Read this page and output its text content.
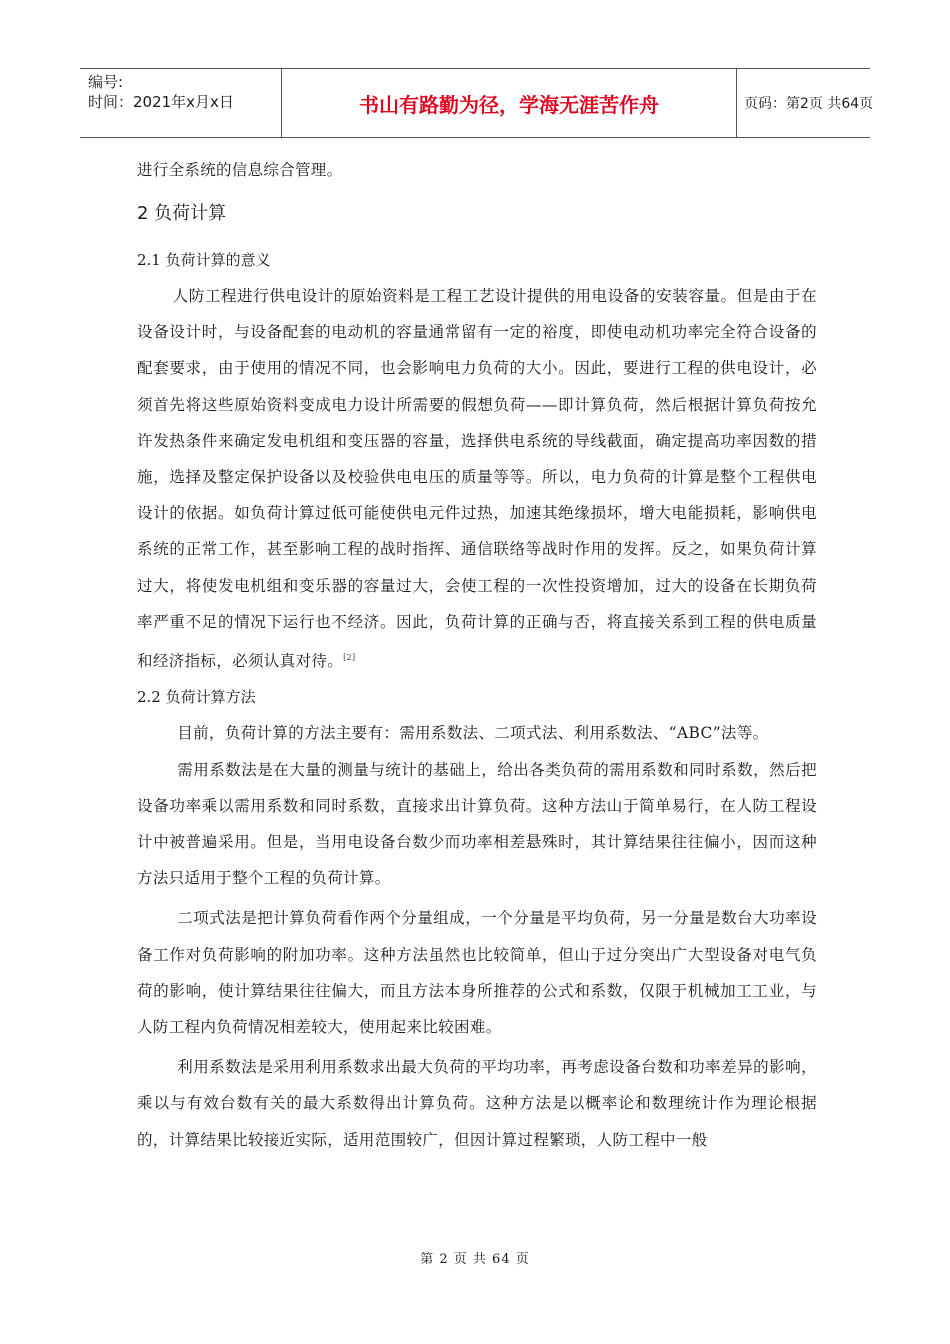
编号:
时间：2021年x月x日	书山有路勤为径，学海无涯苦作舟	页码：第2页 共64页
进行全系统的信息综合管理。
2 负荷计算
2.1 负荷计算的意义
人防工程进行供电设计的原始资料是工程工艺设计提供的用电设备的安装容量。但是由于在设备设计时，与设备配套的电动机的容量通常留有一定的裕度，即使电动机功率完全符合设备的配套要求，由于使用的情况不同，也会影响电力负荷的大小。因此，要进行工程的供电设计，必须首先将这些原始资料变成电力设计所需要的假想负荷——即计算负荷，然后根据计算负荷按允许发热条件来确定发电机组和变压器的容量，选择供电系统的导线截面，确定提高功率因数的措施，选择及整定保护设备以及校验供电电压的质量等等。所以，电力负荷的计算是整个工程供电设计的依据。如负荷计算过低可能使供电元件过热，加速其绝缘损坏，增大电能损耗，影响供电系统的正常工作，甚至影响工程的战时指挥、通信联络等战时作用的发挥。反之，如果负荷计算过大，将使发电机组和变乐器的容量过大，会使工程的一次性投资增加，过大的设备在长期负荷率严重不足的情况下运行也不经济。因此，负荷计算的正确与否，将直接关系到工程的供电质量和经济指标，必须认真对待。[2]
2.2 负荷计算方法
目前，负荷计算的方法主要有：需用系数法、二项式法、利用系数法、“ABC”法等。
需用系数法是在大量的测量与统计的基础上，给出各类负荷的需用系数和同时系数，然后把设备功率乘以需用系数和同时系数，直接求出计算负荷。这种方法山于简单易行，在人防工程设计中被普遍采用。但是，当用电设备台数少而功率相差悬殊时，其计算结果往往偏小，因而这种方法只适用于整个工程的负荷计算。
二项式法是把计算负荷看作两个分量组成，一个分量是平均负荷，另一分量是数台大功率设备工作对负荷影响的附加功率。这种方法虽然也比较简单，但山于过分突出广大型设备对电气负荷的影响，使计算结果往往偏大，而且方法本身所推荐的公式和系数，仅限于机械加工工业，与人防工程内负荷情况相差较大，使用起来比较困难。
利用系数法是采用利用系数求出最大负荷的平均功率，再考虑设备台数和功率差异的影响，乘以与有效台数有关的最大系数得出计算负荷。这种方法是以概率论和数理统计作为理论根据的，计算结果比较接近实际，适用范围较广，但因计算过程繁琐，人防工程中一般
第 2 页 共 64 页
